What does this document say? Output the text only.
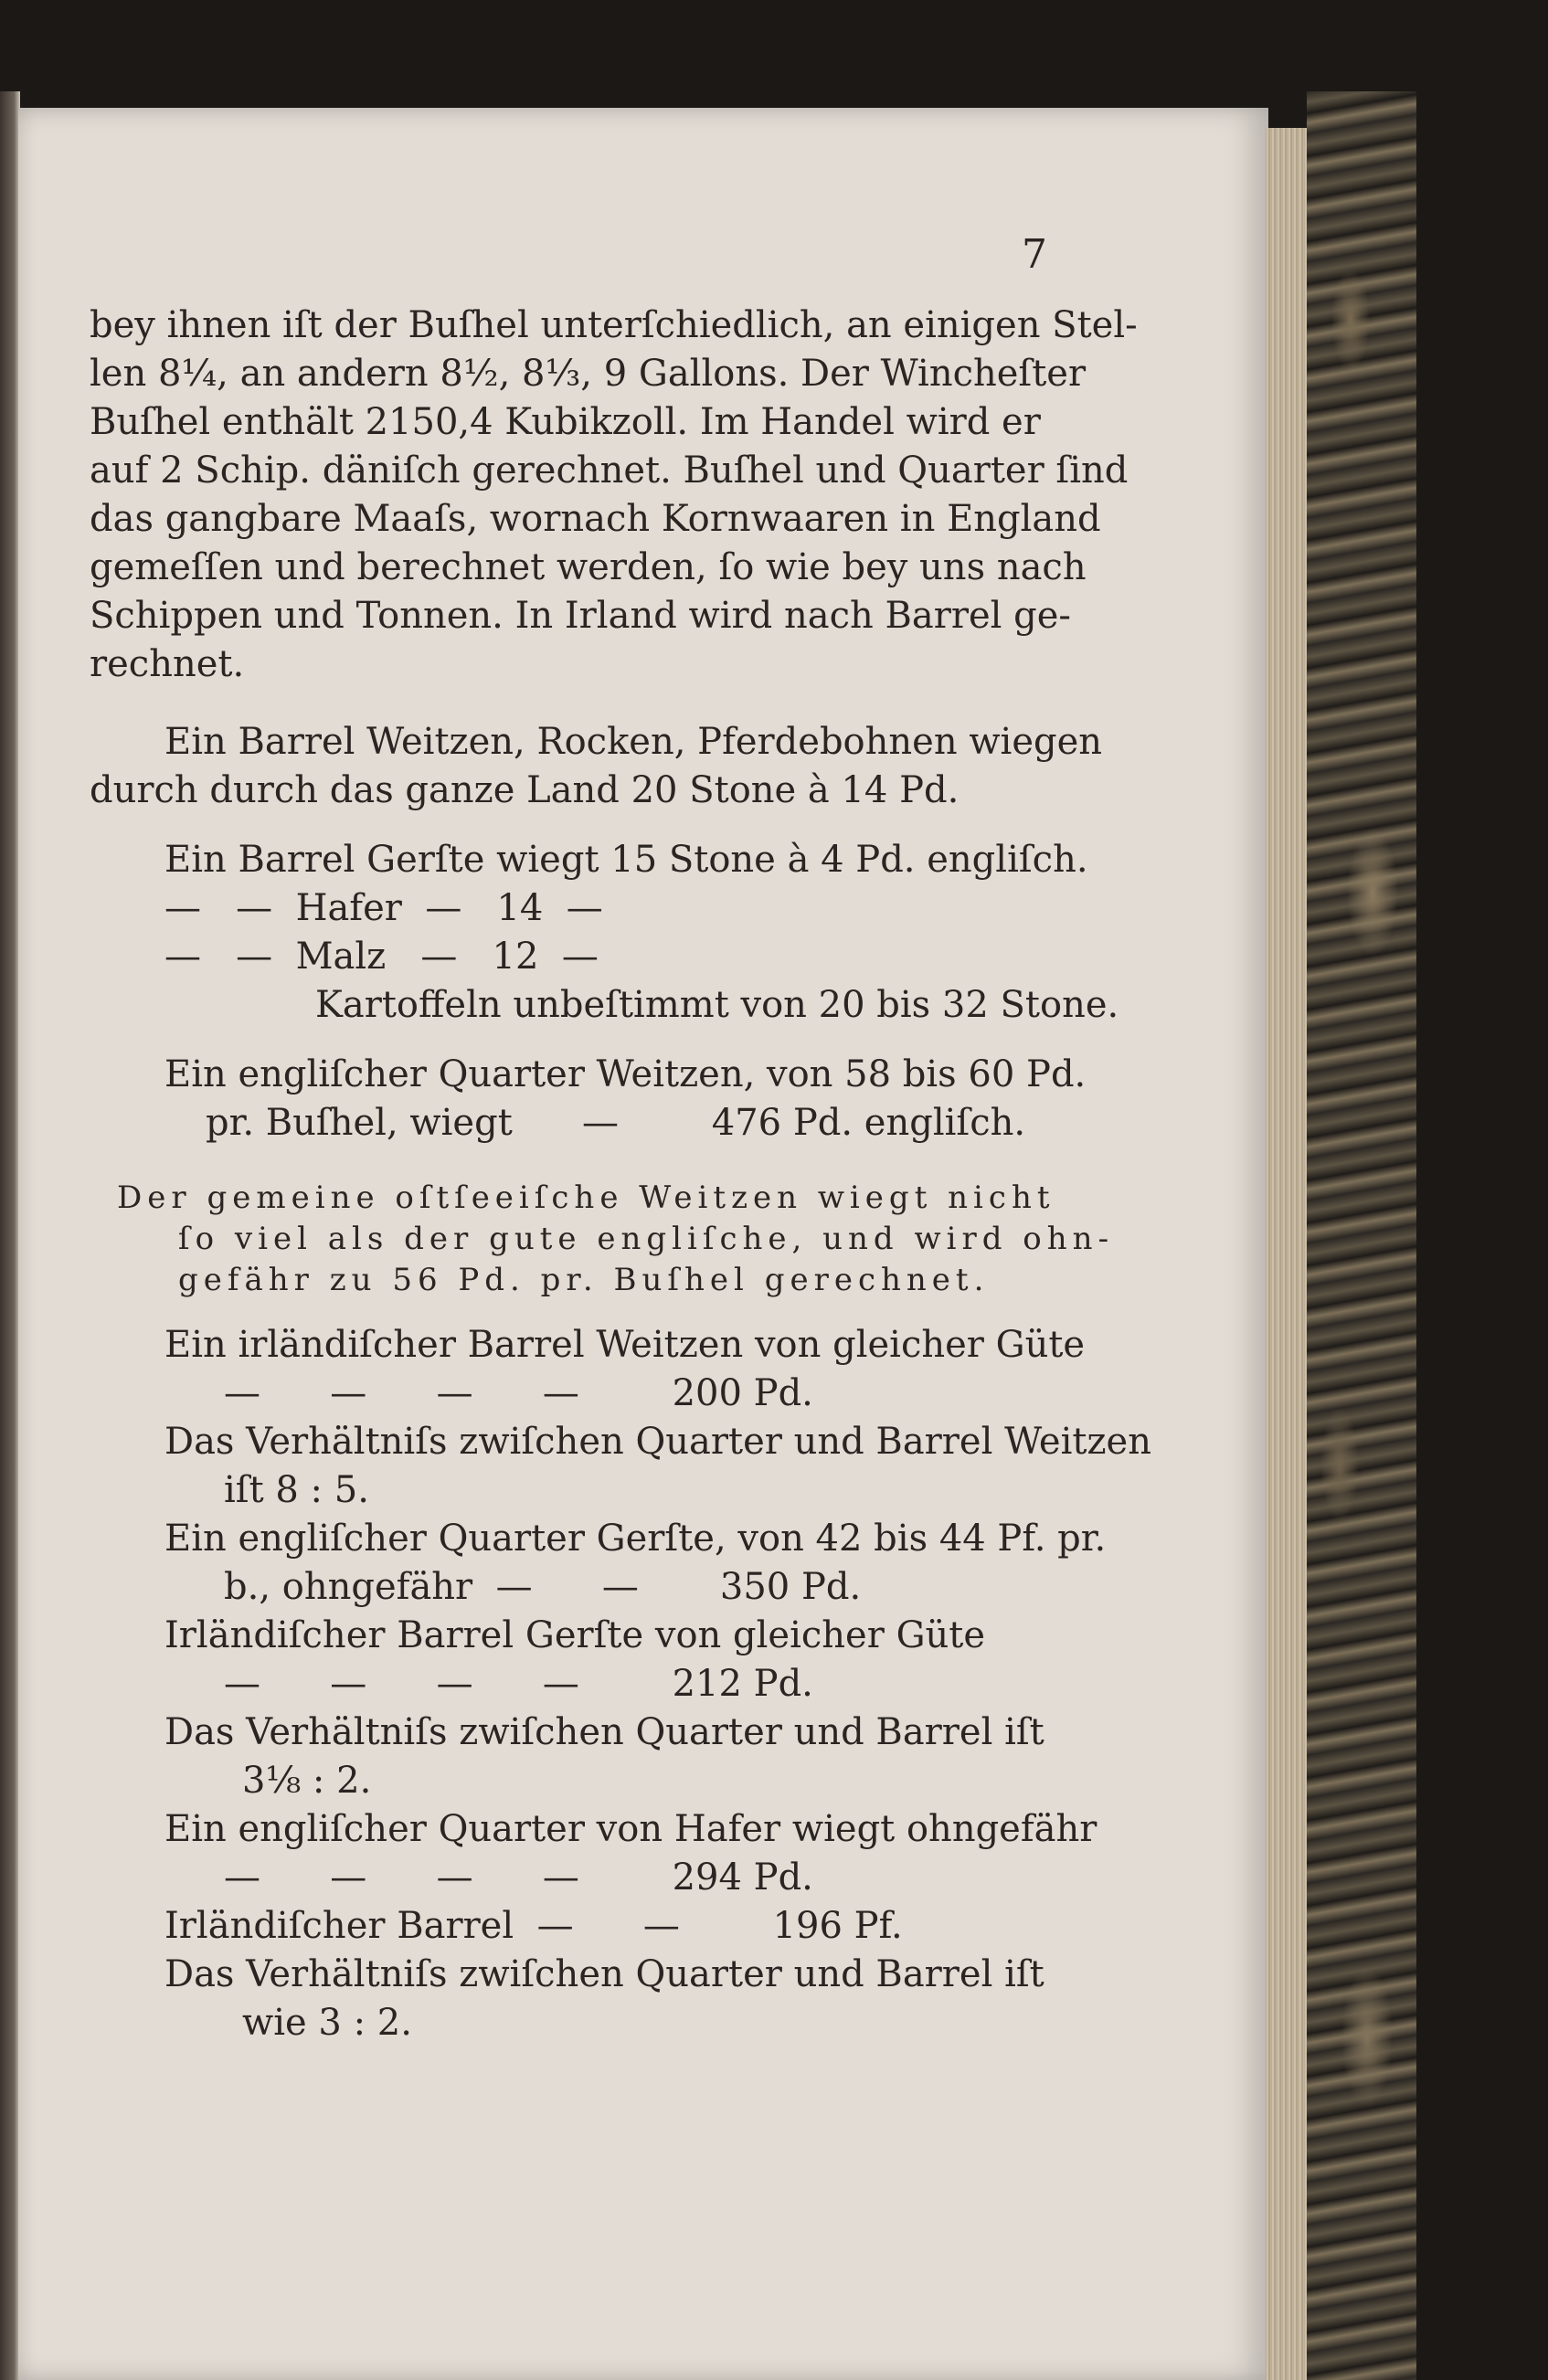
7
bey ihnen iſt der Buſhel unterſchiedlich, an einigen Stel-
len 8¼, an andern 8½, 8⅓, 9 Gallons. Der Wincheſter
Buſhel enthält 2150,4 Kubikzoll. Im Handel wird er
auf 2 Schip. däniſch gerechnet. Buſhel und Quarter ſind
das gangbare Maaſs, wornach Kornwaaren in England
gemeſſen und berechnet werden, ſo wie bey uns nach
Schippen und Tonnen. In Irland wird nach Barrel ge-
rechnet.
Ein Barrel Weitzen, Rocken, Pferdebohnen wiegen
durch durch das ganze Land 20 Stone à 14 Pd.
Ein Barrel Gerſte wiegt 15 Stone à 4 Pd. engliſch.
—   —  Hafer  —   14  —
—   —  Malz   —   12  —
Kartoffeln unbeſtimmt von 20 bis 32 Stone.
Ein engliſcher Quarter Weitzen, von 58 bis 60 Pd.
pr. Buſhel, wiegt      —        476 Pd. engliſch.
Der gemeine oſtſeeiſche Weitzen wiegt nicht
ſo viel als der gute engliſche, und wird ohn-
gefähr zu 56 Pd. pr. Buſhel gerechnet.
Ein irländiſcher Barrel Weitzen von gleicher Güte
—      —      —      —        200 Pd.
Das Verhältniſs zwiſchen Quarter und Barrel Weitzen
iſt 8 : 5.
Ein engliſcher Quarter Gerſte, von 42 bis 44 Pf. pr.
b., ohngefähr  —      —       350 Pd.
Irländiſcher Barrel Gerſte von gleicher Güte
—      —      —      —        212 Pd.
Das Verhältniſs zwiſchen Quarter und Barrel iſt
3⅛ : 2.
Ein engliſcher Quarter von Hafer wiegt ohngefähr
—      —      —      —        294 Pd.
Irländiſcher Barrel  —      —        196 Pf.
Das Verhältniſs zwiſchen Quarter und Barrel iſt
wie 3 : 2.
